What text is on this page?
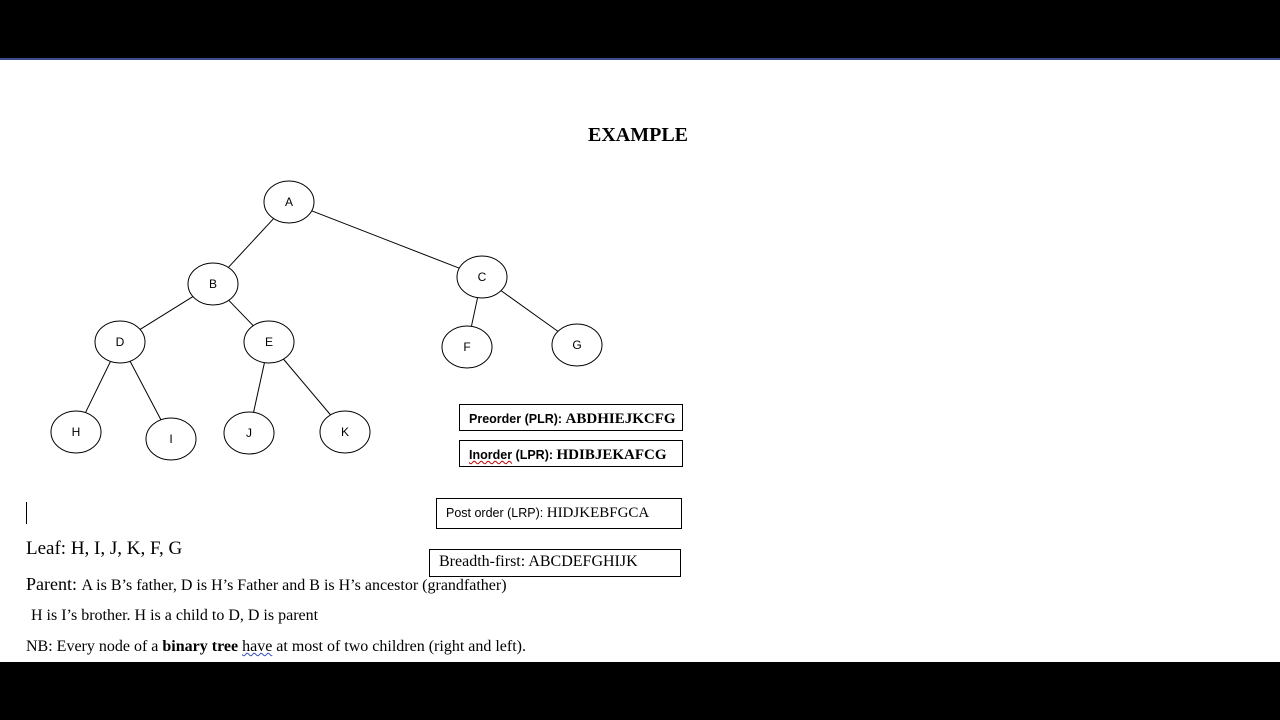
EXAMPLE
A
B	C
D	E	F	G
H	I	J	K
Preorder (PLR): ABDHIEJKCFG
Inorder (LPR): HDIBJEKAFCG
Post order (LRP): HIDJKEBFGCA
Breadth-first: ABCDEFGHIJK
Leaf: H, I, J, K, F, G
Parent: A is B’s father, D is H’s Father and B is H’s ancestor (grandfather)
H is I’s brother. H is a child to D, D is parent
NB: Every node of a binary tree have at most of two children (right and left).
